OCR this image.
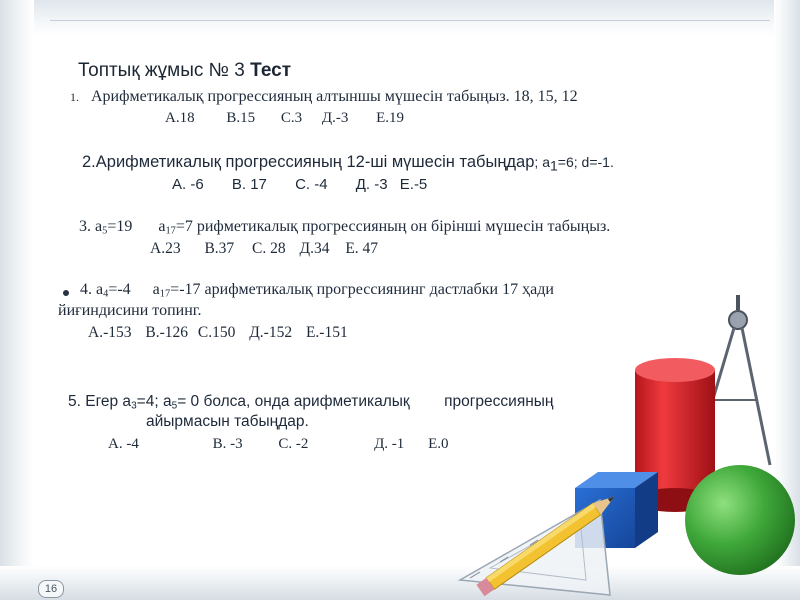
Топтық жұмыс № 3 Тест
1. Арифметикалық прогрессияның алтыншы мүшесін табыңыз. 18, 15, 12
А.18 В.15 С.3 Д.-3 Е.19
2.Арифметикалық прогрессияның 12-ші мүшесін табыңдар; $a_1=6$; d=-1.
А. -6 В. 17 С. -4 Д. -3 Е.-5
3. $a_5=19$ $a_{17}=7$ рифметикалық прогрессияның он бірінші мүшесін табыңыз.
А.23 В.37 С. 28 Д.34 Е. 47
4. $a_4=-4$ $a_{17}=-17$ арифметикалық прогрессиянинг дастлабки 17 ҳади
йиғиндисини топинг.
А.-153 В.-126 С.150 Д.-152 Е.-151
5. Егер $a_3=4$; $a_5= 0$ болса, онда арифметикалық        прогрессияның
айырмасын табыңдар.
А. -4	В. -3 С. -2	Д. -1 Е.0
16
